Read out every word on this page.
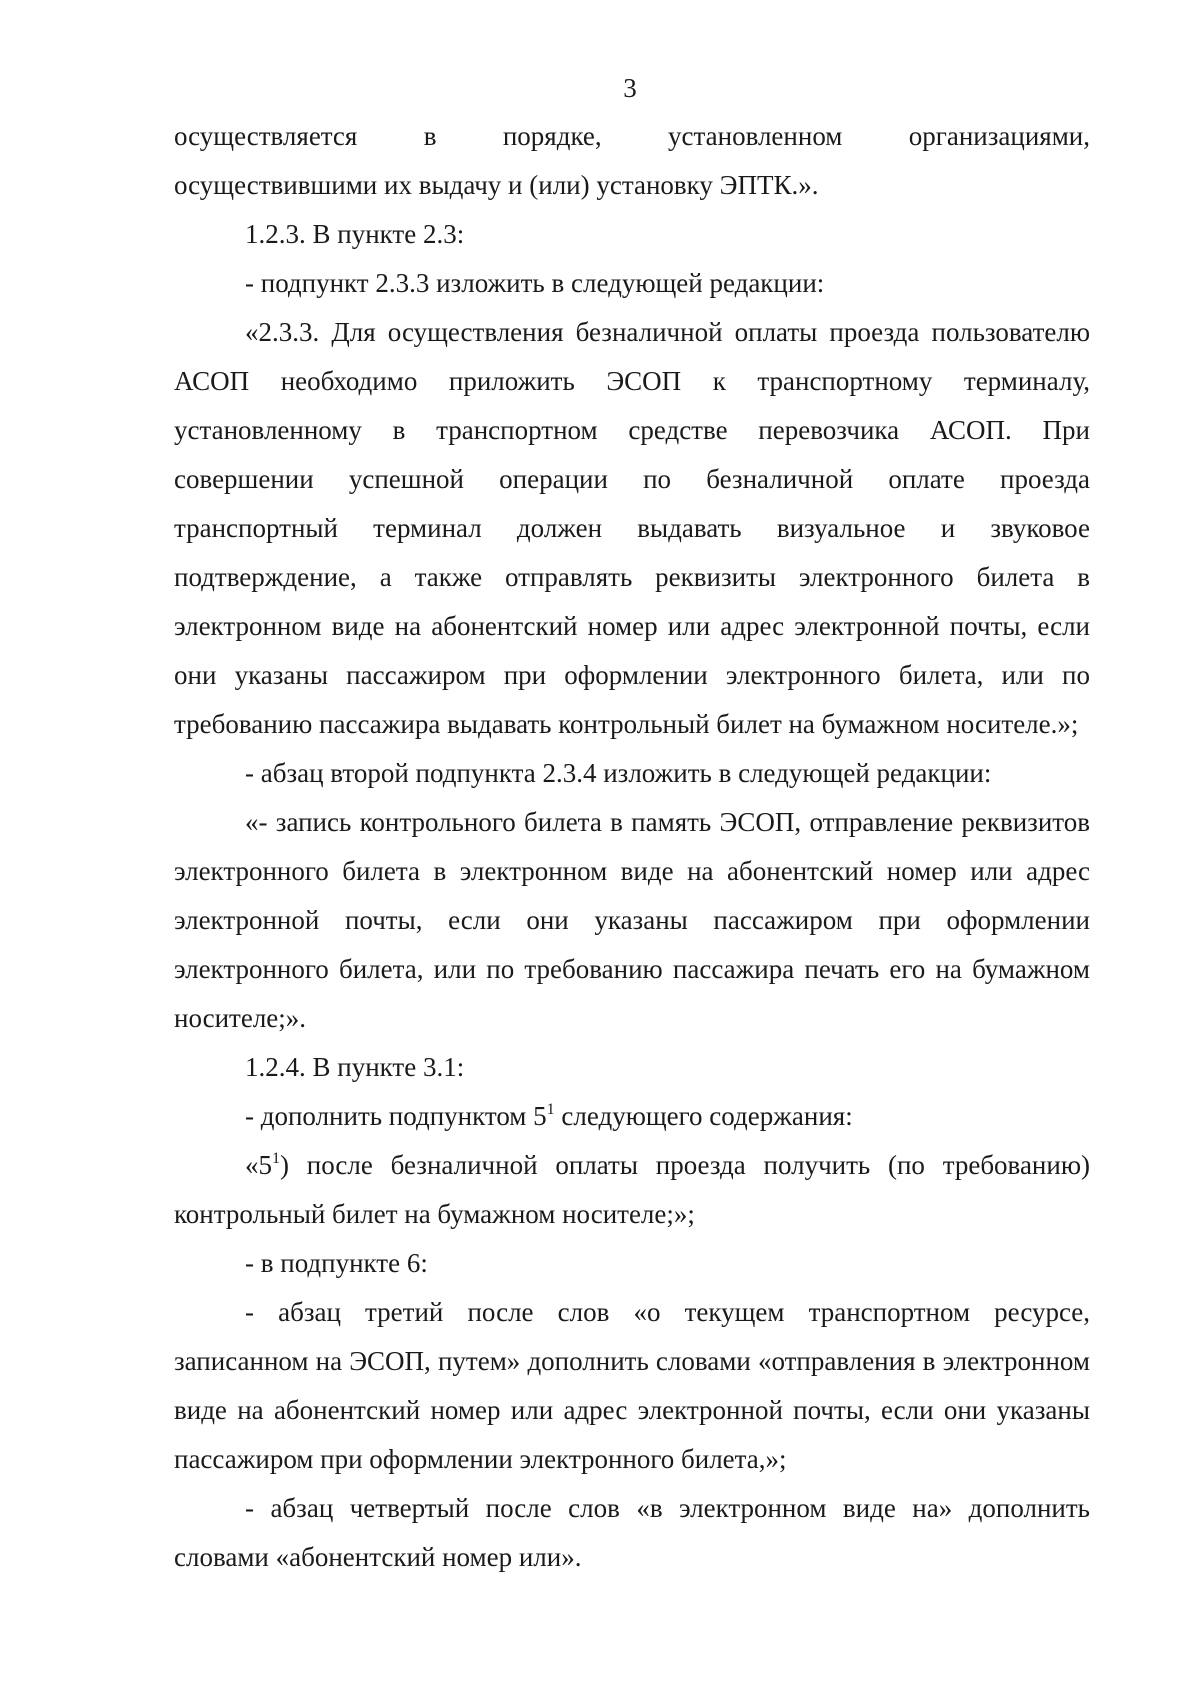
3

осуществляется в порядке, установленном организациями,

осуществившими их выдачу и (или) установку ЭПТК.».

1.2.3. В пункте 2.3:

- подпункт 2.3.3 изложить в следующей редакции:

«2.3.3. Для осуществления безналичной оплаты проезда пользователю АСОП необходимо приложить ЭСОП к транспортному терминалу, установленному в транспортном средстве перевозчика АСОП. При совершении успешной операции по безналичной оплате проезда транспортный терминал должен выдавать визуальное и звуковое подтверждение, а также отправлять реквизиты электронного билета в электронном виде на абонентский номер или адрес электронной почты, если они указаны пассажиром при оформлении электронного билета, или по требованию пассажира выдавать контрольный билет на бумажном носителе.»;

- абзац второй подпункта 2.3.4 изложить в следующей редакции:

«- запись контрольного билета в память ЭСОП, отправление реквизитов электронного билета в электронном виде на абонентский номер или адрес электронной почты, если они указаны пассажиром при оформлении электронного билета, или по требованию пассажира печать его на бумажном носителе;».

1.2.4. В пункте 3.1:

- дополнить подпунктом $5^1$ следующего содержания:

«$5^1$) после безналичной оплаты проезда получить (по требованию) контрольный билет на бумажном носителе;»;

- в подпункте 6:

- абзац третий после слов «о текущем транспортном ресурсе, записанном на ЭСОП, путем» дополнить словами «отправления в электронном виде на абонентский номер или адрес электронной почты, если они указаны пассажиром при оформлении электронного билета,»;

- абзац четвертый после слов «в электронном виде на» дополнить словами «абонентский номер или».
